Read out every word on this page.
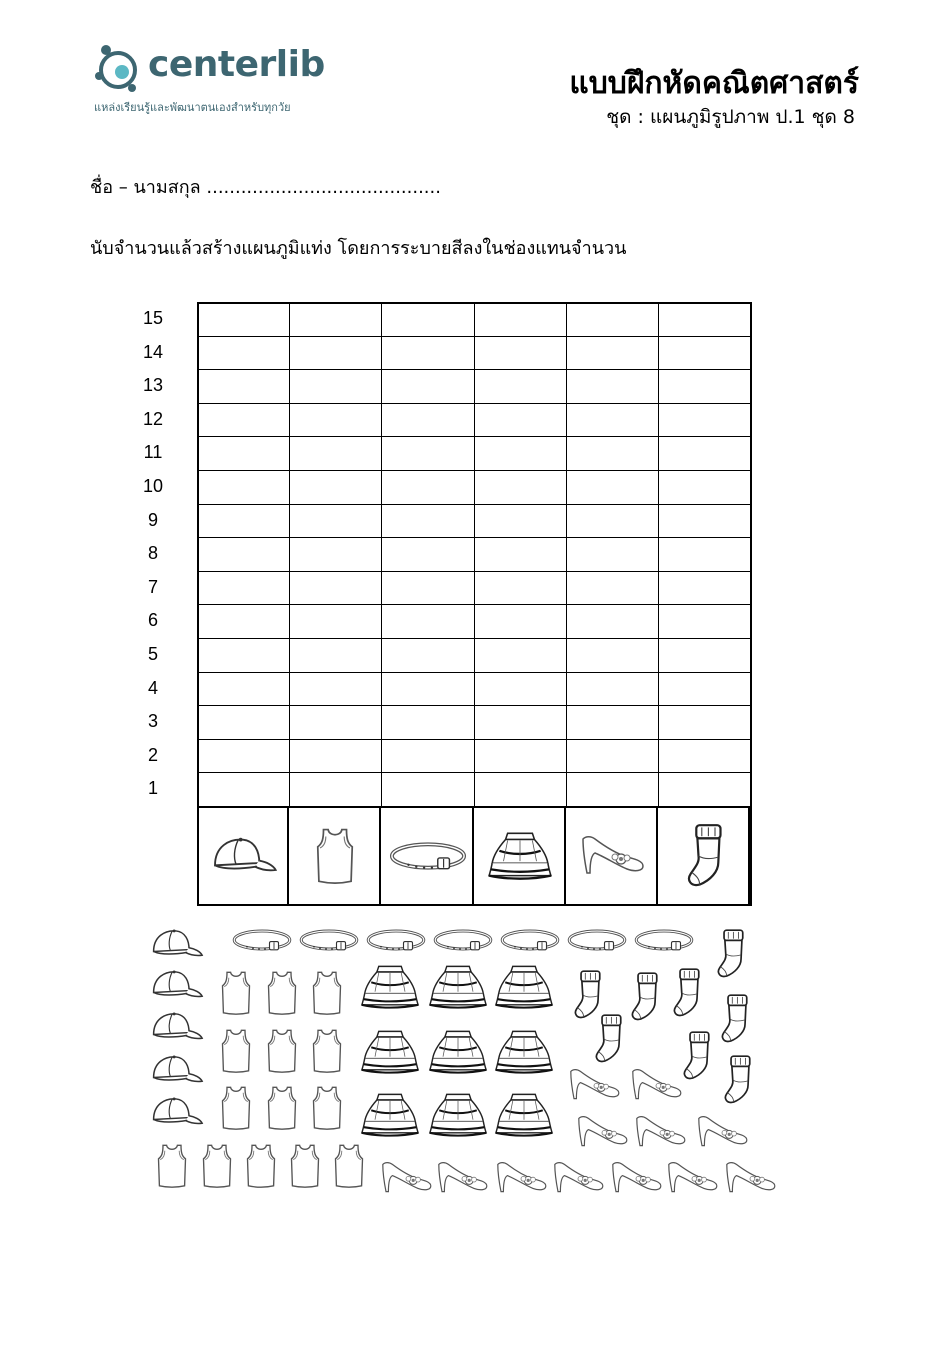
centerlib
แหล่งเรียนรู้และพัฒนาตนเองสำหรับทุกวัย
แบบฝึกหัดคณิตศาสตร์
ชุด : แผนภูมิรูปภาพ ป.1 ชุด 8
ชื่อ – นามสกุล .........................................
นับจำนวนแล้วสร้างแผนภูมิแท่ง โดยการระบายสีลงในช่องแทนจำนวน
15
14
13
12
11
10
9
8
7
6
5
4
3
2
1
